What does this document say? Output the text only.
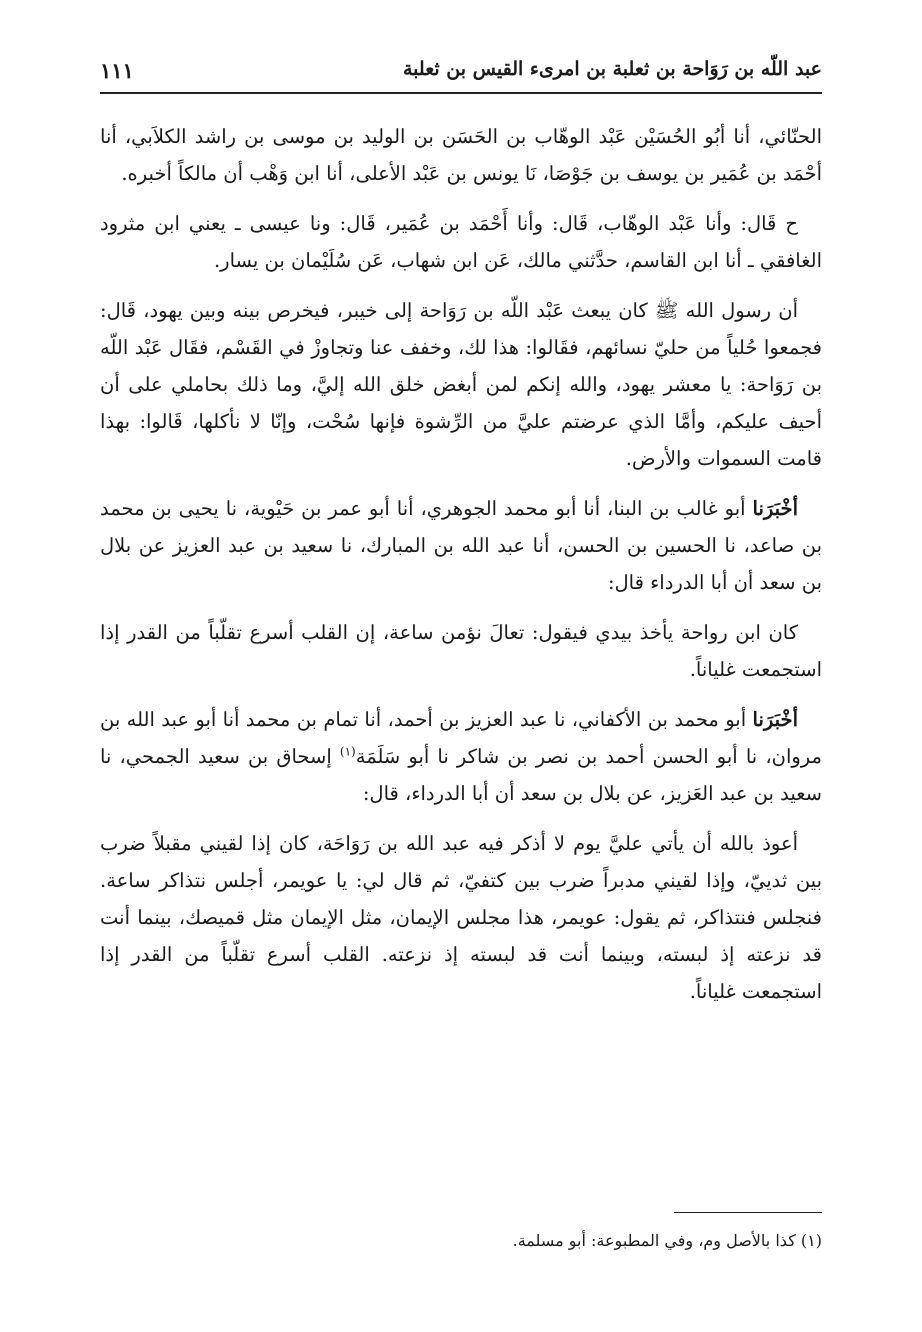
عبد اللّه بن رَوَاحة بن ثعلبة بن امرىء القيس بن ثعلبة
١١١

الحنّائي، أنا أبُو الحُسَيْن عَبْد الوهّاب بن الحَسَن بن الوليد بن موسى بن راشد الكلاَبي، أنا أحْمَد بن عُمَير بن يوسف بن جَوْصَا، نَا يونس بن عَبْد الأعلى، أنا ابن وَهْب أن مالكاً أخبره.

ح قَال: وأنا عَبْد الوهّاب، قَال: وأنا أَحْمَد بن عُمَير، قَال: ونا عيسى ـ يعني ابن مثرود الغافقي ـ أنا ابن القاسم، حدَّثني مالك، عَن ابن شهاب، عَن سُلَيْمان بن يسار.

أن رسول الله ﷺ كان يبعث عَبْد اللّه بن رَوَاحة إلى خيبر، فيخرص بينه وبين يهود، قَال: فجمعوا حُلياً من حليّ نسائهم، فقَالوا: هذا لك، وخفف عنا وتجاوزْ في القَسْم، فقَال عَبْد اللّه بن رَوَاحة: يا معشر يهود، والله إنكم لمن أبغض خلق الله إليَّ، وما ذلك بحاملي على أن أحيف عليكم، وأمَّا الذي عرضتم عليَّ من الرِّشوة فإنها سُحْت، وإنّا لا نأكلها، قَالوا: بهذا قامت السموات والأرض.

أخْبَرَنا أبو غالب بن البنا، أنا أبو محمد الجوهري، أنا أبو عمر بن حَيْوية، نا يحيى بن محمد بن صاعد، نا الحسين بن الحسن، أنا عبد الله بن المبارك، نا سعيد بن عبد العزيز عن بلال بن سعد أن أبا الدرداء قال:

كان ابن رواحة يأخذ بيدي فيقول: تعالَ نؤمن ساعة، إن القلب أسرع تقلّباً من القدر إذا استجمعت غلياناً.

أخْبَرَنا أبو محمد بن الأكفاني، نا عبد العزيز بن أحمد، أنا تمام بن محمد أنا أبو عبد الله بن مروان، نا أبو الحسن أحمد بن نصر بن شاكر نا أبو سَلَمَة$^{(١)}$ إسحاق بن سعيد الجمحي، نا سعيد بن عبد العَزيز، عن بلال بن سعد أن أبا الدرداء، قال:

أعوذ بالله أن يأتي عليَّ يوم لا أذكر فيه عبد الله بن رَوَاحَة، كان إذا لقيني مقبلاً ضرب بين ثدييّ، وإذا لقيني مدبراً ضرب بين كتفيّ، ثم قال لي: يا عويمر، أجلس نتذاكر ساعة. فنجلس فنتذاكر، ثم يقول: عويمر، هذا مجلس الإيمان، مثل الإيمان مثل قميصك، بينما أنت قد نزعته إذ لبسته، وبينما أنت قد لبسته إذ نزعته. القلب أسرع تقلّباً من القدر إذا استجمعت غلياناً.

(١) كذا بالأصل وم، وفي المطبوعة: أبو مسلمة.
